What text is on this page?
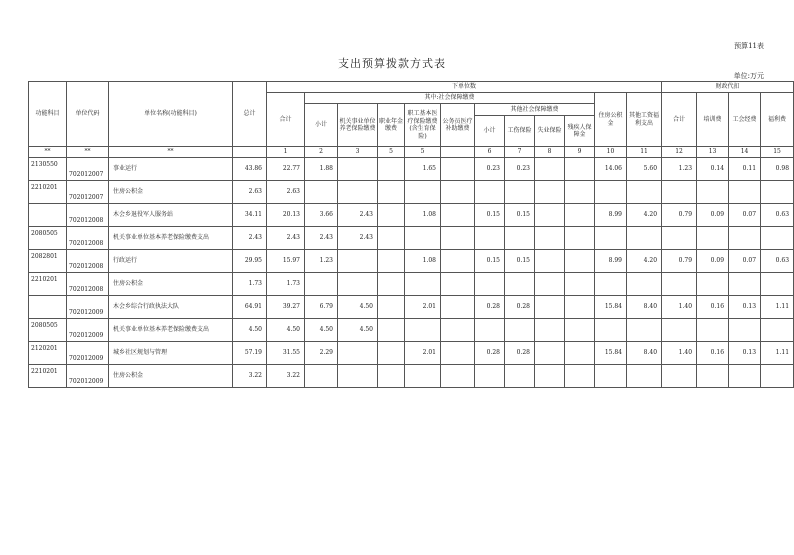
预算11表
支出预算拨款方式表
单位:万元
功能科目	单位代码	单位名称(功能科目)	总计	下单位数												财政代扣			
				合计	其中:社会保障缴费									住房公积金	其他工资福利支出	合计	培训费	工会经费	福利费
					小计	机关事业单位养老保险缴费	职业年金缴费	职工基本医疗保险缴费(含生育保险)	公务员医疗补助缴费	其他社会保障缴费									
										小计	工伤保险	失业保险	残疾人保障金						
**	**	**		1	2	3	5	5		6	7	8	9	10	11	12	13	14	15
2130550	702012007	事业运行	43.86	22.77	1.88			1.65		0.23	0.23			14.06	5.60	1.23	0.14	0.11	0.98
2210201	702012007	住房公积金	2.63	2.63															
	702012008	木会乡退役军人服务站	34.11	20.13	3.66	2.43		1.08		0.15	0.15			8.99	4.20	0.79	0.09	0.07	0.63
2080505	702012008	机关事业单位基本养老保险缴费支出	2.43	2.43	2.43	2.43													
2082801	702012008	行政运行	29.95	15.97	1.23			1.08		0.15	0.15			8.99	4.20	0.79	0.09	0.07	0.63
2210201	702012008	住房公积金	1.73	1.73															
	702012009	木会乡综合行政执法大队	64.91	39.27	6.79	4.50		2.01		0.28	0.28			15.84	8.40	1.40	0.16	0.13	1.11
2080505	702012009	机关事业单位基本养老保险缴费支出	4.50	4.50	4.50	4.50													
2120201	702012009	城乡社区规划与管理	57.19	31.55	2.29			2.01		0.28	0.28			15.84	8.40	1.40	0.16	0.13	1.11
2210201	702012009	住房公积金	3.22	3.22															
